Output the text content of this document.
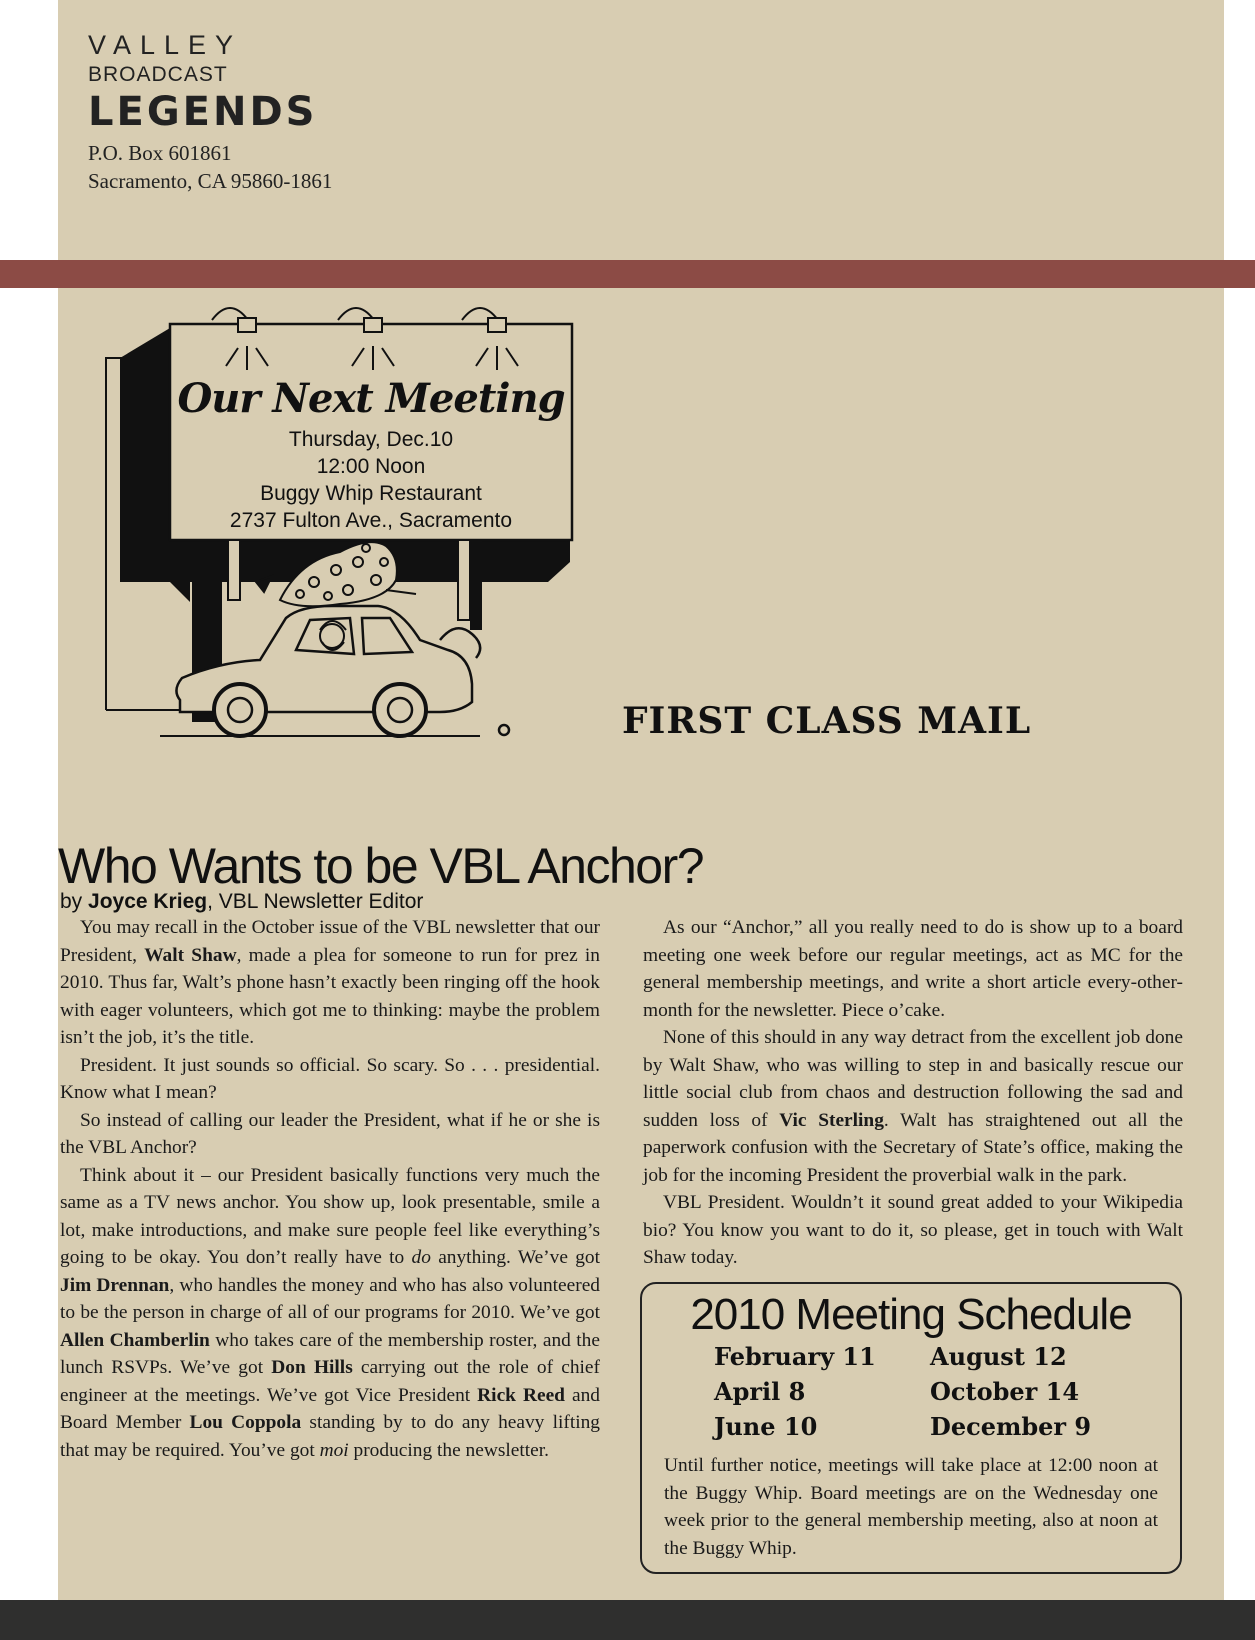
VALLEY
BROADCAST
LEGENDS
P.O. Box 601861
Sacramento, CA 95860-1861
Our Next Meeting
Thursday, Dec.10
12:00 Noon
Buggy Whip Restaurant
2737 Fulton Ave., Sacramento
FIRST CLASS MAIL
Who Wants to be VBL Anchor?
by Joyce Krieg, VBL Newsletter Editor

You may recall in the October issue of the VBL newsletter that our President, Walt Shaw, made a plea for someone to run for prez in 2010. Thus far, Walt’s phone hasn’t exactly been ringing off the hook with eager volunteers, which got me to thinking: maybe the problem isn’t the job, it’s the title.

President. It just sounds so official. So scary. So . . . presidential. Know what I mean?

So instead of calling our leader the President, what if he or she is the VBL Anchor?

Think about it – our President basically functions very much the same as a TV news anchor. You show up, look presentable, smile a lot, make introductions, and make sure people feel like everything’s going to be okay. You don’t really have to do anything. We’ve got Jim Drennan, who handles the money and who has also volunteered to be the person in charge of all of our programs for 2010. We’ve got Allen Chamberlin who takes care of the membership roster, and the lunch RSVPs. We’ve got Don Hills carrying out the role of chief engineer at the meetings. We’ve got Vice President Rick Reed and Board Member Lou Coppola standing by to do any heavy lifting that may be required. You’ve got moi producing the newsletter.

As our “Anchor,” all you really need to do is show up to a board meeting one week before our regular meetings, act as MC for the general membership meetings, and write a short article every-other-month for the newsletter. Piece o’cake.

None of this should in any way detract from the excellent job done by Walt Shaw, who was willing to step in and basically rescue our little social club from chaos and destruction following the sad and sudden loss of Vic Sterling. Walt has straightened out all the paperwork confusion with the Secretary of State’s office, making the job for the incoming President the proverbial walk in the park.

VBL President. Wouldn’t it sound great added to your Wikipedia bio? You know you want to do it, so please, get in touch with Walt Shaw today.

2010 Meeting Schedule
February 11
April 8
June 10
August 12
October 14
December 9
Until further notice, meetings will take place at 12:00 noon at the Buggy Whip. Board meetings are on the Wednesday one week prior to the general membership meeting, also at noon at the Buggy Whip.
